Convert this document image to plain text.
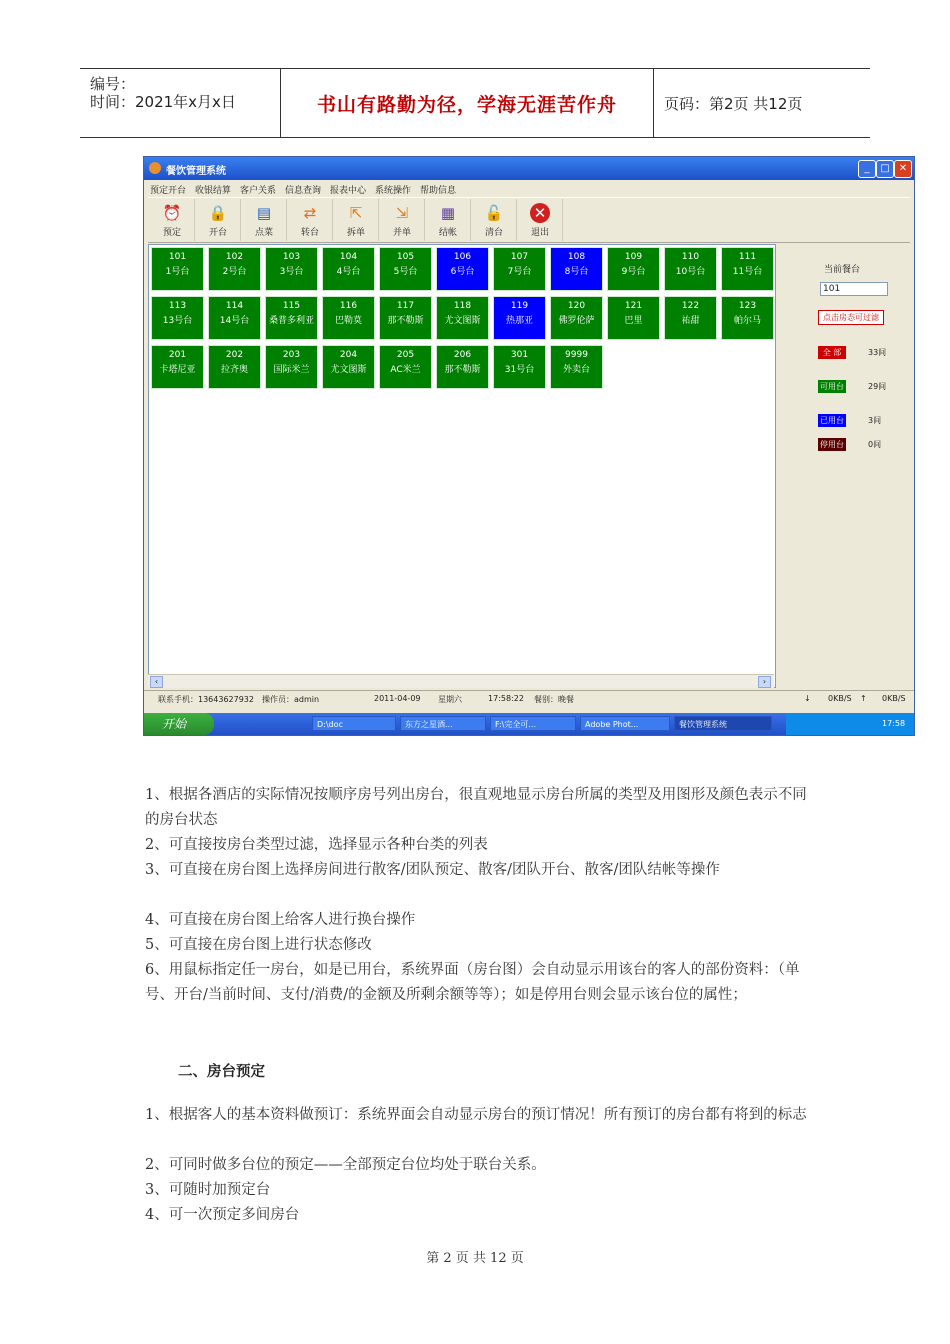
编号：
时间：2021年x月x日	书山有路勤为径，学海无涯苦作舟	页码：第2页 共12页
餐饮管理系统	_	□ ✕
预定开台 收银结算 客户关系 信息查询 报表中心 系统操作 帮助信息
⏰
预定
🔒
开台
▤
点菜
⇄
转台
⇱
拆单
⇲
并单
▦
结帐
🔓
清台
✕
退出
101
1号台
102
2号台
103
3号台
104
4号台
105
5号台
106
6号台
107
7号台
108
8号台
109
9号台
110
10号台
111
11号台
113
13号台
114
14号台
115
桑普多利亚
116
巴勒莫
117
那不勒斯
118
尤文图斯
119
热那亚
120
佛罗伦萨
121
巴里
122
祐甜
123
帕尔马
201
卡塔尼亚
202
拉齐奥
203
国际米兰
204
尤文图斯
205
AC米兰
206
那不勒斯
301
31号台
9999
外卖台
‹	›
当前餐台
101
点击房态可过滤
全 部	33间
可用台	29间
已用台	3间
停用台	0间
联系手机：13643627932 操作员：admin	2011-04-09 星期六	17:58:22 餐别：晚餐	↓ 0KB/S ↑ 0KB/S
开始	D:\doc	东方之星酒...	F:\完全可...	Adobe Phot...	餐饮管理系统	17:58
1、根据各酒店的实际情况按顺序房号列出房台，很直观地显示房台所属的类型及用图形及颜色表示不同的房台状态
2、可直接按房台类型过滤，选择显示各种台类的列表
3、可直接在房台图上选择房间进行散客/团队预定、散客/团队开台、散客/团队结帐等操作
4、可直接在房台图上给客人进行换台操作
5、可直接在房台图上进行状态修改
6、用鼠标指定任一房台，如是已用台，系统界面（房台图）会自动显示用该台的客人的部份资料：（单号、开台/当前时间、支付/消费/的金额及所剩余额等等）；如是停用台则会显示该台位的属性；
二、房台预定
1、根据客人的基本资料做预订：系统界面会自动显示房台的预订情况！所有预订的房台都有将到的标志
2、可同时做多台位的预定——全部预定台位均处于联台关系。
3、可随时加预定台
4、可一次预定多间房台
第 2 页 共 12 页
